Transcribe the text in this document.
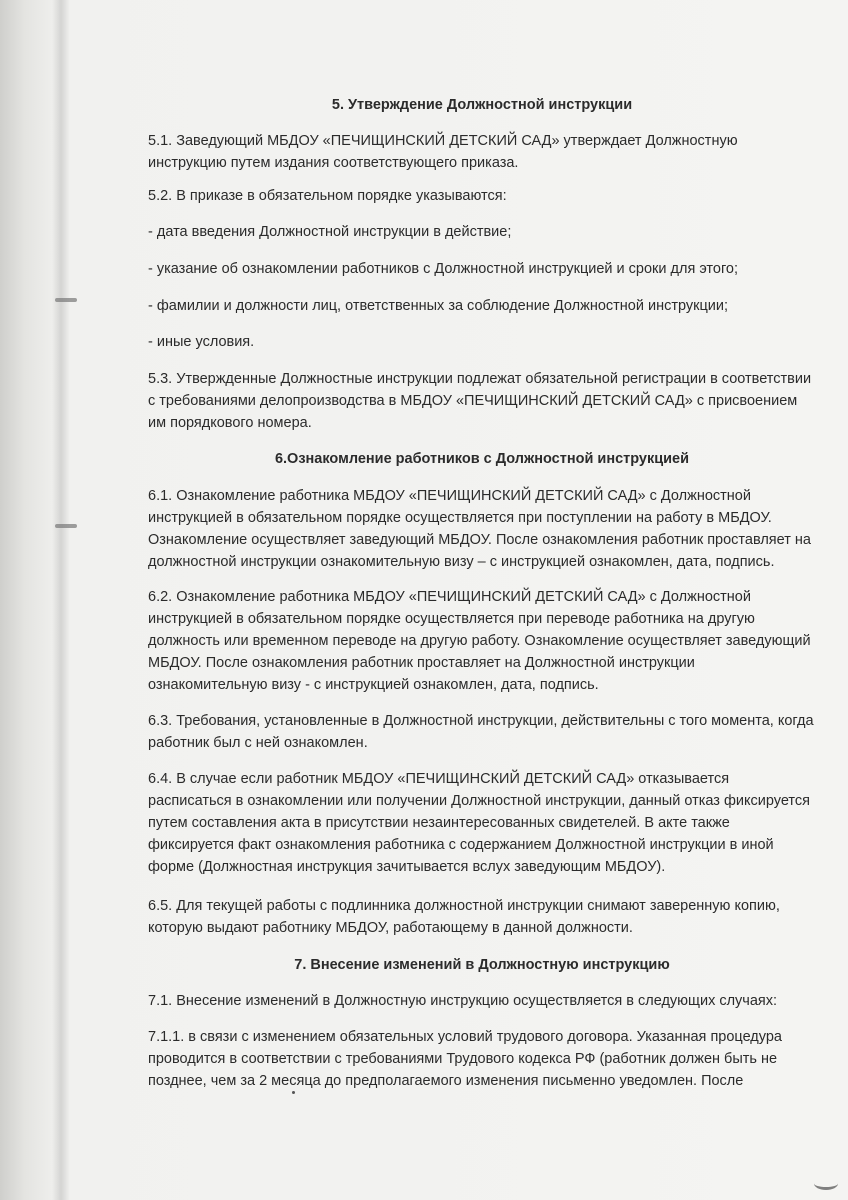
5. Утверждение Должностной инструкции

5.1. Заведующий МБДОУ «ПЕЧИЩИНСКИЙ ДЕТСКИЙ САД» утверждает Должностную инструкцию путем издания соответствующего приказа.

5.2. В приказе в обязательном порядке указываются:

- дата введения Должностной инструкции в действие;

- указание об ознакомлении работников с Должностной инструкцией и сроки для этого;

- фамилии и должности лиц, ответственных за соблюдение Должностной инструкции;

- иные условия.

5.3. Утвержденные Должностные инструкции подлежат обязательной регистрации в соответствии с требованиями делопроизводства в МБДОУ «ПЕЧИЩИНСКИЙ ДЕТСКИЙ САД» с присвоением им порядкового номера.

6.Ознакомление работников с Должностной инструкцией

6.1. Ознакомление работника МБДОУ «ПЕЧИЩИНСКИЙ ДЕТСКИЙ САД» с Должностной инструкцией в обязательном порядке осуществляется при поступлении на работу в МБДОУ. Ознакомление осуществляет заведующий МБДОУ. После ознакомления работник проставляет на должностной инструкции ознакомительную визу – с инструкцией ознакомлен, дата, подпись.

6.2. Ознакомление работника МБДОУ «ПЕЧИЩИНСКИЙ ДЕТСКИЙ САД» с Должностной инструкцией в обязательном порядке осуществляется при переводе работника на другую должность или временном переводе на другую работу. Ознакомление осуществляет заведующий МБДОУ. После ознакомления работник проставляет на Должностной инструкции ознакомительную визу - с инструкцией ознакомлен, дата, подпись.

6.3. Требования, установленные в Должностной инструкции, действительны с того момента, когда работник был с ней ознакомлен.

6.4. В случае если работник МБДОУ «ПЕЧИЩИНСКИЙ ДЕТСКИЙ САД» отказывается расписаться в ознакомлении или получении Должностной инструкции, данный отказ фиксируется путем составления акта в присутствии незаинтересованных свидетелей. В акте также фиксируется факт ознакомления работника с содержанием Должностной инструкции в иной форме (Должностная инструкция зачитывается вслух заведующим МБДОУ).

6.5. Для текущей работы с подлинника должностной инструкции снимают заверенную копию, которую выдают работнику МБДОУ, работающему в данной должности.

7. Внесение изменений в Должностную инструкцию

7.1. Внесение изменений в Должностную инструкцию осуществляется в следующих случаях:

7.1.1. в связи с изменением обязательных условий трудового договора. Указанная процедура проводится в соответствии с требованиями Трудового кодекса РФ (работник должен быть не позднее, чем за 2 месяца до предполагаемого изменения письменно уведомлен. После
